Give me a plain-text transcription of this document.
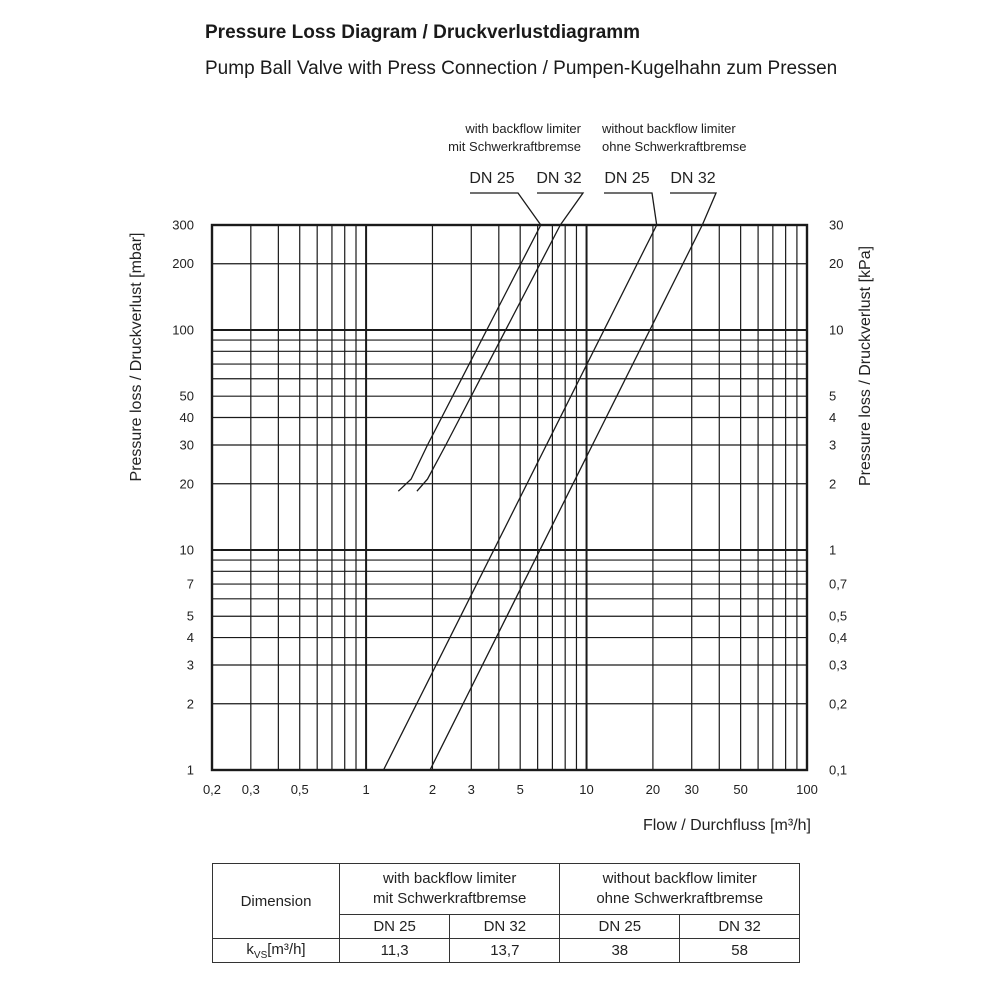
Pressure Loss Diagram / Druckverlustdiagramm
Pump Ball Valve with Press Connection / Pumpen-Kugelhahn zum Pressen
0,2 0,3 0,5	1	2 3	5	10	20 30	50	100
1
2
3
4
5
7
10
20
30
40
50
100
200
300
0,1
0,2
0,3
0,4
0,5
0,7
1
2
3
4
5
10
20
30
DN 25 DN 32 DN 25 DN 32
with backflow limiter
mit Schwerkraftbremse
without backflow limiter
ohne Schwerkraftbremse
Flow / Durchfluss [m³/h]
Pressure loss / Druckverlust [mbar]	Pressure loss / Druckverlust [kPa]
Dimension	with backflow limiter
mit Schwerkraftbremse		without backflow limiter
ohne Schwerkraftbremse	

	DN 25	DN 32	DN 25	DN 32
$k_{VS}[m^3/h]$	11,3	13,7	38	58
